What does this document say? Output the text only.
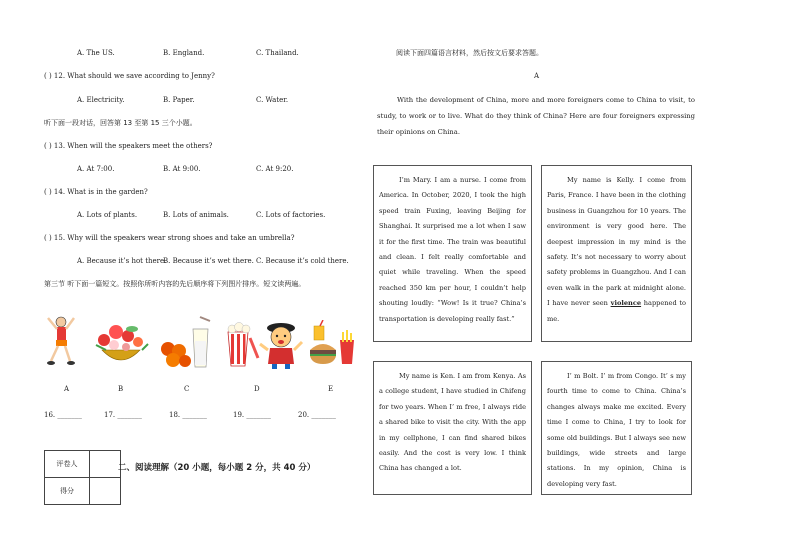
A. The US.	B. England.	C. Thailand.
( ) 12. What should we save according to Jenny?
A. Electricity.	B. Paper.	C. Water.
听下面一段对话，回答第 13 至第 15 三个小题。
( ) 13. When will the speakers meet the others?
A. At 7:00.	B. At 9:00.	C. At 9:20.
( ) 14. What is in the garden?
A. Lots of plants.	B. Lots of animals.	C. Lots of factories.
( ) 15. Why will the speakers wear strong shoes and take an umbrella?
A. Because it’s hot there.
B. Because it’s wet there. C. Because it’s cold there.
第三节 听下面一篇短文。按照你所听内容的先后顺序将下列图片排序。短文读两遍。
A	B	C	D	E
16. _______	17. _______	18. _______	19. _______	20. _______
评卷人	
得分	
二、阅读理解（20 小题，每小题 2 分，共 40 分）
阅读下面四篇语言材料，然后按文后要求答题。
A
With the development of China, more and more foreigners come to China to visit, to study, to work or to live. What do they think of China? Here are four foreigners expressing their opinions on China.
I’m Mary. I am a nurse. I come from America. In October, 2020, I took the high speed train Fuxing, leaving Beijing for Shanghai. It surprised me a lot when I saw it for the first time. The train was beautiful and clean. I felt really comfortable and quiet while traveling. When the speed reached 350 km per hour, I couldn’t help shouting loudly: “Wow! Is it true? China’s transportation is developing really fast.”
My name is Kelly. I come from Paris, France. I have been in the clothing business in Guangzhou for 10 years. The environment is very good here. The deepest impression in my mind is the safety. It’s not necessary to worry about safety problems in Guangzhou. And I can even walk in the park at midnight alone. I have never seen violence happened to me.
My name is Ken. I am from Kenya. As a college student, I have studied in Chifeng for two years. When I’ m free, I always ride a shared bike to visit the city. With the app in my cellphone, I can find shared bikes easily. And the cost is very low. I think China has changed a lot.
I’ m Bolt. I’ m from Congo. It’ s my fourth time to come to China. China’s changes always make me excited. Every time I come to China, I try to look for some old buildings. But I always see new buildings, wide streets and large stations. In my opinion, China is developing very fast.
